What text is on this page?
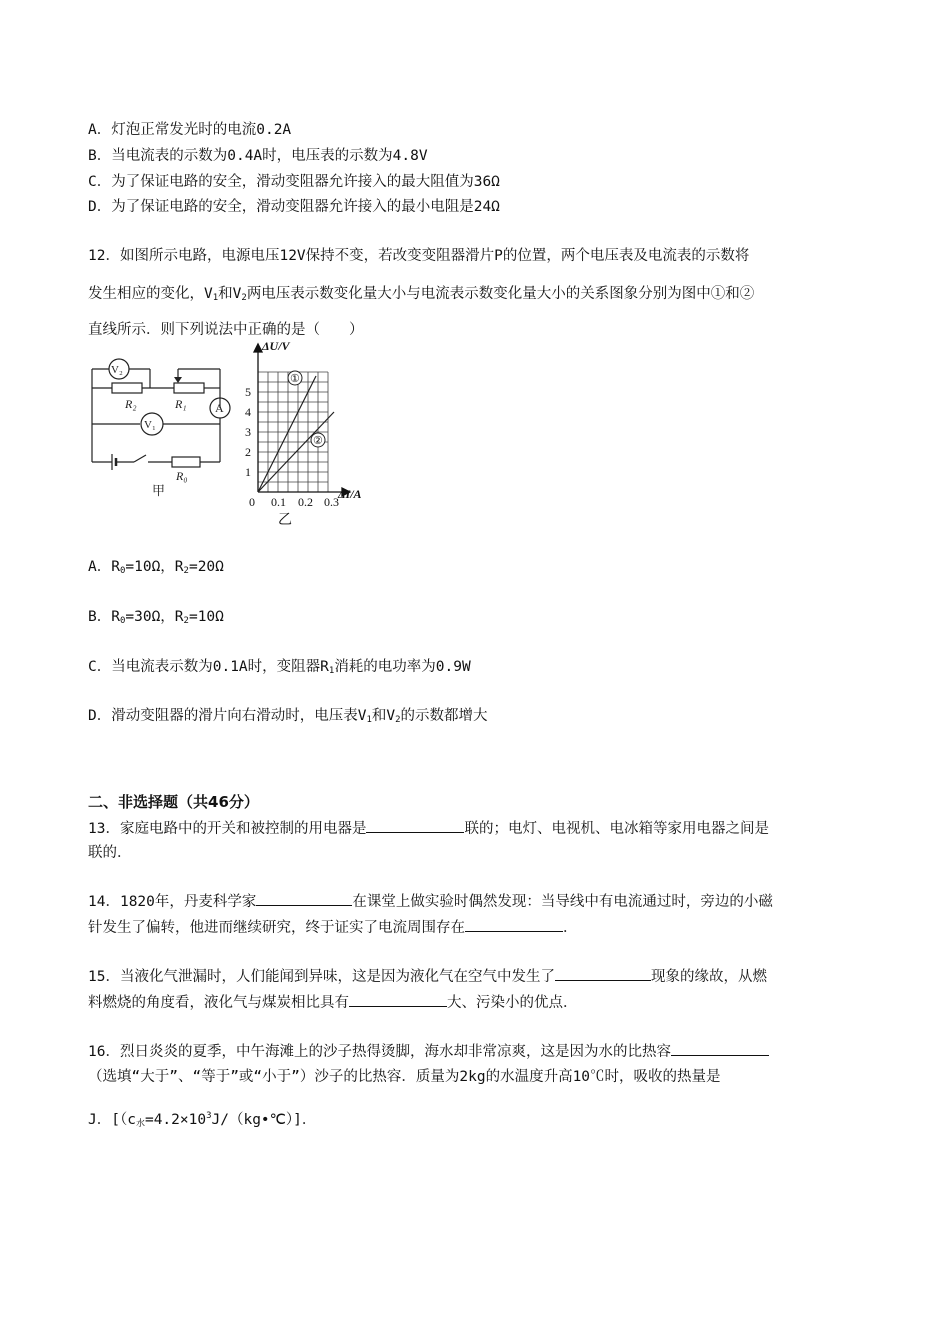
A．灯泡正常发光时的电流0.2A
B．当电流表的示数为0.4A时，电压表的示数为4.8V
C．为了保证电路的安全，滑动变阻器允许接入的最大阻值为36Ω
D．为了保证电路的安全，滑动变阻器允许接入的最小电阻是24Ω
12．如图所示电路，电源电压12V保持不变，若改变变阻器滑片P的位置，两个电压表及电流表的示数将
发生相应的变化，$V_1$和$V_2$两电压表示数变化量大小与电流表示数变化量大小的关系图象分别为图中①和②
直线所示．则下列说法中正确的是（　　）
V₂
R₂	R₁ A
V₁
R₀
甲
①
②
ΔU/V
ΔI/A
1
2
3
4
5
0 0.1 0.2 0.3
乙
A．$R_0=10\Omega$，$R_2=20\Omega$
B．$R_0=30\Omega$，$R_2=10\Omega$
C．当电流表示数为0.1A时，变阻器$R_1$消耗的电功率为0.9W
D．滑动变阻器的滑片向右滑动时，电压表$V_1$和$V_2$的示数都增大
二、非选择题（共46分）
13．家庭电路中的开关和被控制的用电器是	联的；电灯、电视机、电冰箱等家用电器之间是
联的．
14．1820年，丹麦科学家	在课堂上做实验时偶然发现：当导线中有电流通过时，旁边的小磁
针发生了偏转，他进而继续研究，终于证实了电流周围存在	．
15．当液化气泄漏时，人们能闻到异味，这是因为液化气在空气中发生了	现象的缘故，从燃
料燃烧的角度看，液化气与煤炭相比具有	大、污染小的优点．
16．烈日炎炎的夏季，中午海滩上的沙子热得烫脚，海水却非常凉爽，这是因为水的比热容
（选填“大于”、“等于”或“小于”）沙子的比热容．质量为2kg的水温度升高10℃时，吸收的热量是
J．[$(c_水=4.2\times 10^3J/(kg•℃)]$．
